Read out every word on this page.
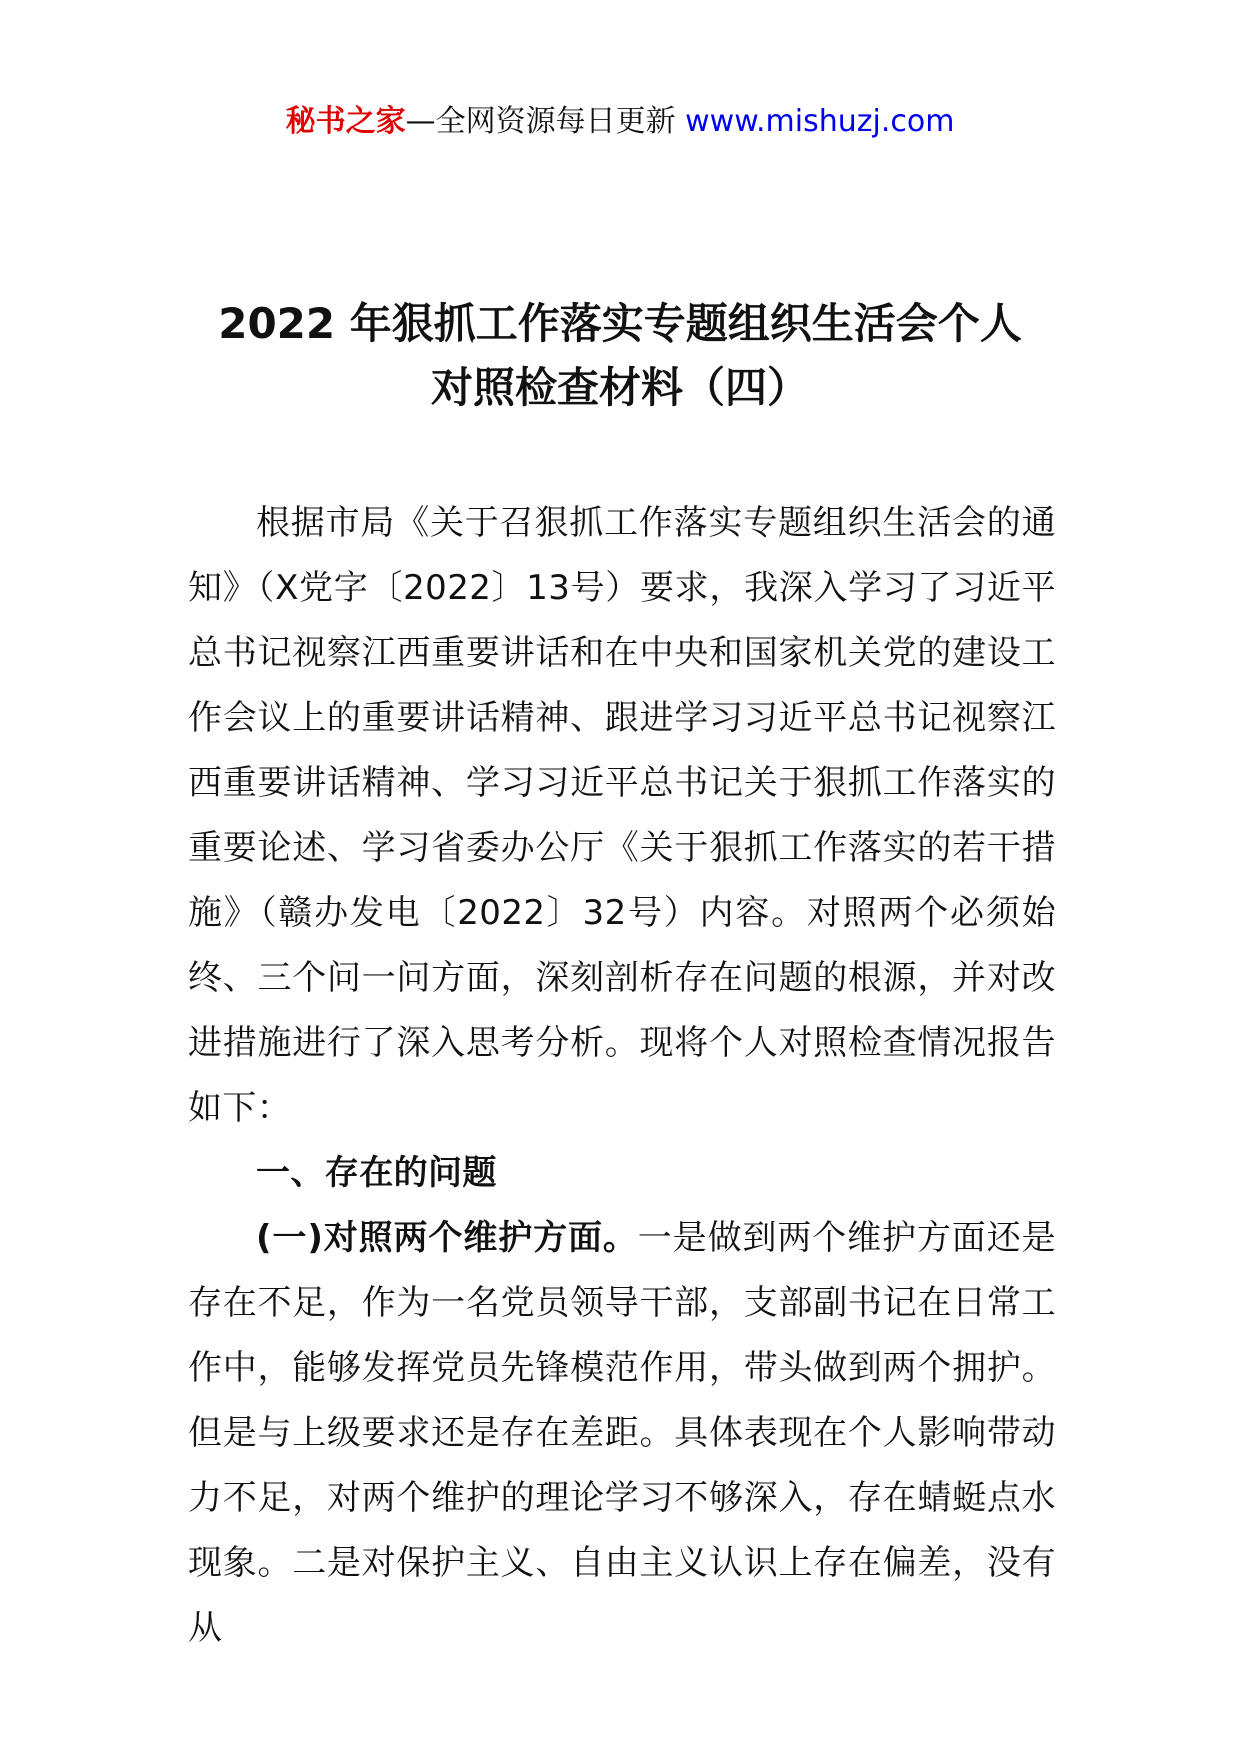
秘书之家—全网资源每日更新 www.mishuzj.com
2022 年狠抓工作落实专题组织生活会个人
对照检查材料（四）

根据市局《关于召狠抓工作落实专题组织生活会的通知》（X党字〔2022〕13号）要求，我深入学习了习近平总书记视察江西重要讲话和在中央和国家机关党的建设工作会议上的重要讲话精神、跟进学习习近平总书记视察江西重要讲话精神、学习习近平总书记关于狠抓工作落实的重要论述、学习省委办公厅《关于狠抓工作落实的若干措施》（赣办发电〔2022〕32号）内容。对照两个必须始终、三个问一问方面，深刻剖析存在问题的根源，并对改进措施进行了深入思考分析。现将个人对照检查情况报告如下：

一、存在的问题

(一)对照两个维护方面。一是做到两个维护方面还是存在不足，作为一名党员领导干部，支部副书记在日常工作中，能够发挥党员先锋模范作用，带头做到两个拥护。但是与上级要求还是存在差距。具体表现在个人影响带动力不足，对两个维护的理论学习不够深入，存在蜻蜓点水现象。二是对保护主义、自由主义认识上存在偏差，没有从
